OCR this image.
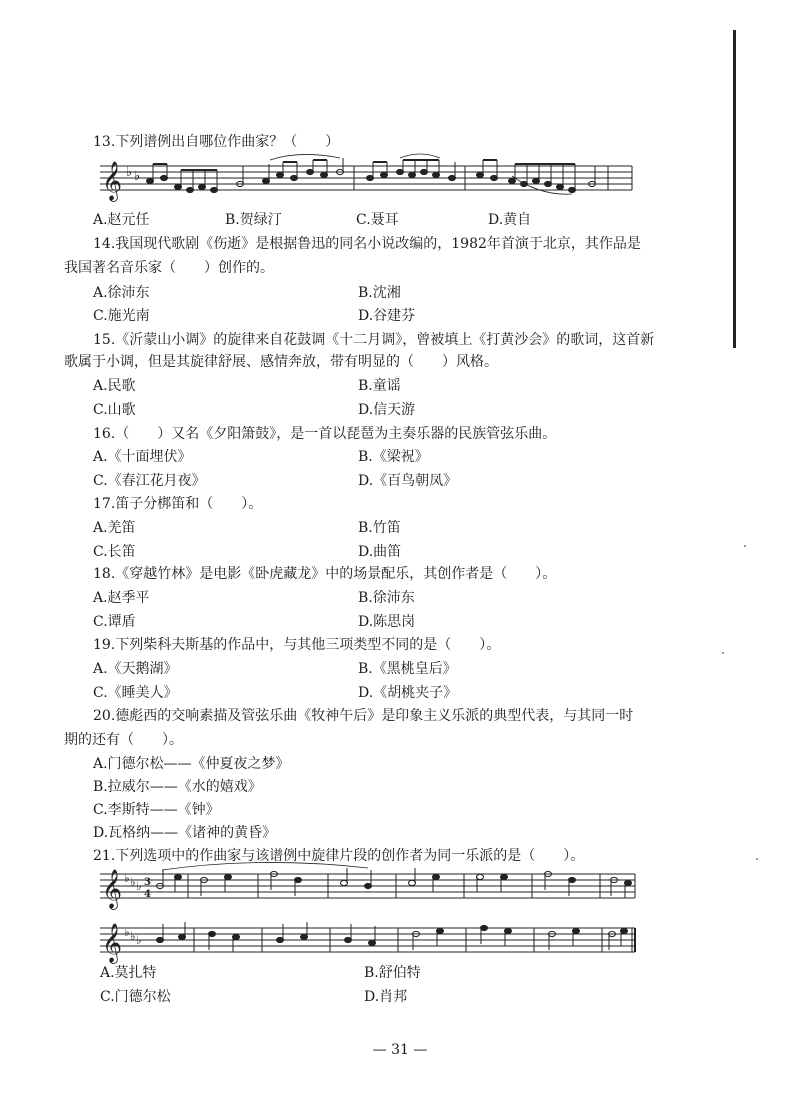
13.下列谱例出自哪位作曲家？（　　）
𝄞 ♭ ♭
A.赵元任	B.贺绿汀	C.聂耳	D.黄自
14.我国现代歌剧《伤逝》是根据鲁迅的同名小说改编的，1982年首演于北京，其作品是
我国著名音乐家（　　）创作的。
A.徐沛东	B.沈湘
C.施光南	D.谷建芬
15.《沂蒙山小调》的旋律来自花鼓调《十二月调》，曾被填上《打黄沙会》的歌词，这首新
歌属于小调，但是其旋律舒展、感情奔放，带有明显的（　　）风格。
A.民歌	B.童谣
C.山歌	D.信天游
16.（　　）又名《夕阳箫鼓》，是一首以琵琶为主奏乐器的民族管弦乐曲。
A.《十面埋伏》	B.《梁祝》
C.《春江花月夜》	D.《百鸟朝凤》
17.笛子分梆笛和（　　）。
A.羌笛	B.竹笛
C.长笛	D.曲笛
18.《穿越竹林》是电影《卧虎藏龙》中的场景配乐，其创作者是（　　）。
A.赵季平	B.徐沛东
C.谭盾	D.陈思岗
19.下列柴科夫斯基的作品中，与其他三项类型不同的是（　　）。
A.《天鹅湖》	B.《黑桃皇后》
C.《睡美人》	D.《胡桃夹子》
20.德彪西的交响素描及管弦乐曲《牧神午后》是印象主义乐派的典型代表，与其同一时
期的还有（　　）。
A.门德尔松——《仲夏夜之梦》
B.拉威尔——《水的嬉戏》
C.李斯特——《钟》
D.瓦格纳——《诸神的黄昏》
21.下列选项中的作曲家与该谱例中旋律片段的创作者为同一乐派的是（　　）。
𝄞 ♭ ♭ ♭ 3
4
𝄞 ♭ ♭ ♭
A.莫扎特	B.舒伯特
C.门德尔松	D.肖邦
— 31 —
